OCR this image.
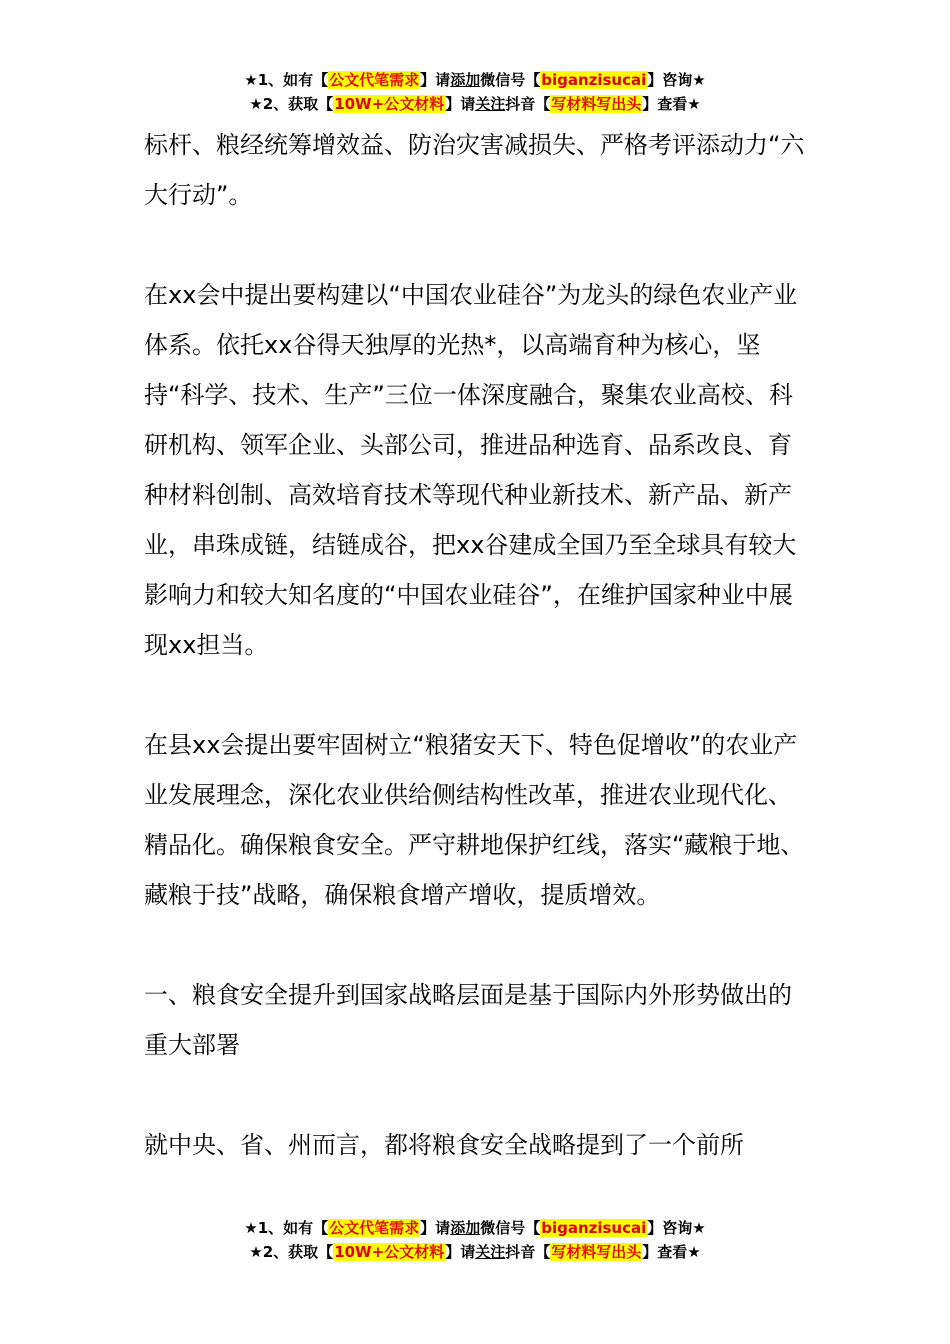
★1、如有【公文代笔需求】请添加微信号【biganzisucai】咨询★
★2、获取【10W+公文材料】请关注抖音【写材料写出头】查看★

标杆、粮经统筹增效益、防治灾害减损失、严格考评添动力“六大行动”。

在xx会中提出要构建以“中国农业硅谷”为龙头的绿色农业产业体系。依托xx谷得天独厚的光热*，以高端育种为核心，坚持“科学、技术、生产”三位一体深度融合，聚集农业高校、科研机构、领军企业、头部公司，推进品种选育、品系改良、育种材料创制、高效培育技术等现代种业新技术、新产品、新产业，串珠成链，结链成谷，把xx谷建成全国乃至全球具有较大影响力和较大知名度的“中国农业硅谷”，在维护国家种业中展现xx担当。

在县xx会提出要牢固树立“粮猪安天下、特色促增收”的农业产业发展理念，深化农业供给侧结构性改革，推进农业现代化、精品化。确保粮食安全。严守耕地保护红线，落实“藏粮于地、藏粮于技”战略，确保粮食增产增收，提质增效。

一、粮食安全提升到国家战略层面是基于国际内外形势做出的重大部署

就中央、省、州而言，都将粮食安全战略提到了一个前所

★1、如有【公文代笔需求】请添加微信号【biganzisucai】咨询★
★2、获取【10W+公文材料】请关注抖音【写材料写出头】查看★
